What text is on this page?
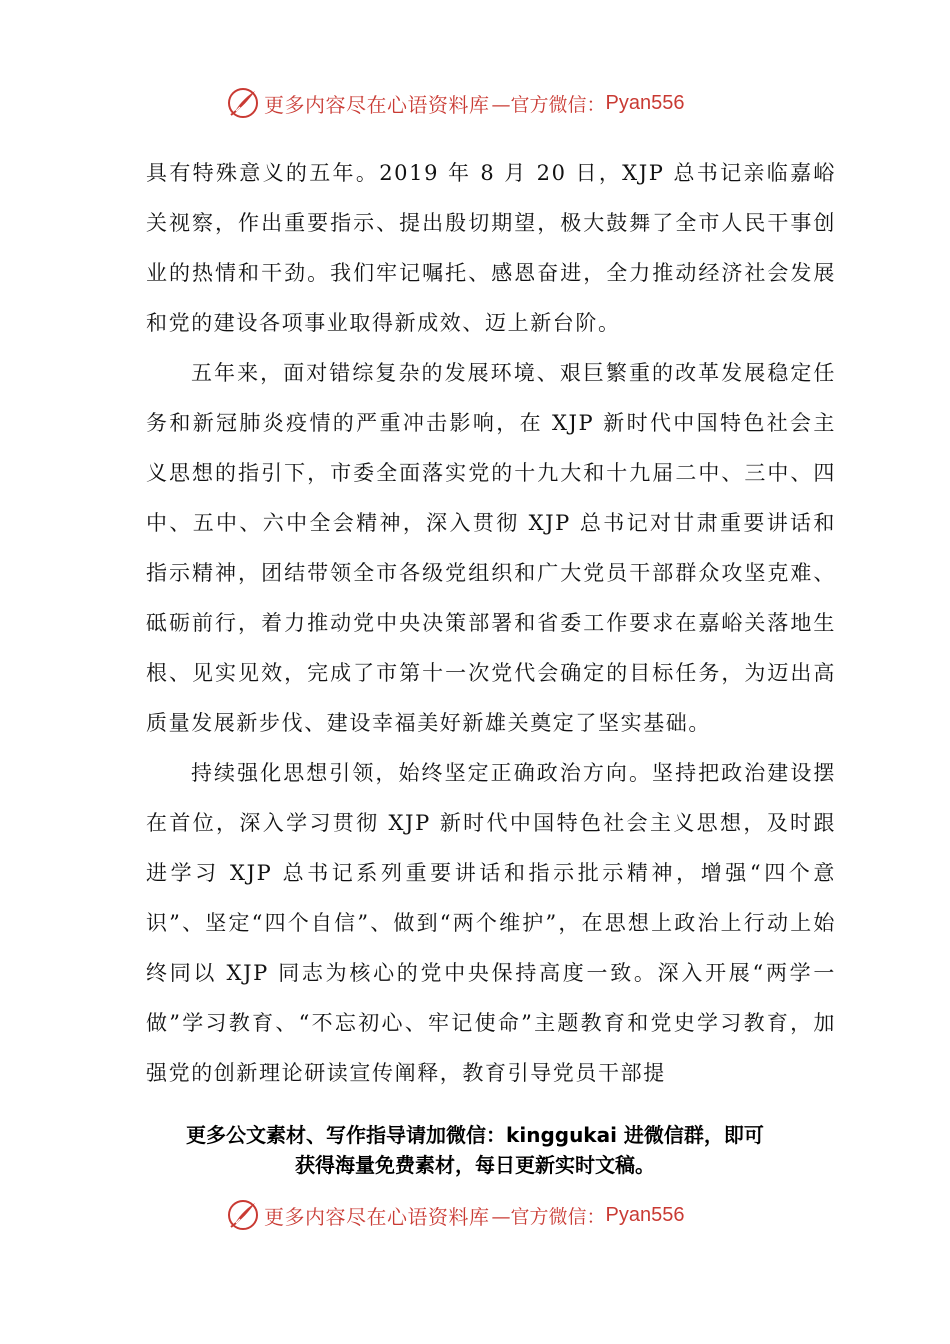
更多内容尽在心语资料库 —官方微信： Pyan556

具有特殊意义的五年。2019 年 8 月 20 日，XJP 总书记亲临嘉峪关视察，作出重要指示、提出殷切期望，极大鼓舞了全市人民干事创业的热情和干劲。我们牢记嘱托、感恩奋进，全力推动经济社会发展和党的建设各项事业取得新成效、迈上新台阶。

五年来，面对错综复杂的发展环境、艰巨繁重的改革发展稳定任务和新冠肺炎疫情的严重冲击影响，在 XJP 新时代中国特色社会主义思想的指引下，市委全面落实党的十九大和十九届二中、三中、四中、五中、六中全会精神，深入贯彻 XJP 总书记对甘肃重要讲话和指示精神，团结带领全市各级党组织和广大党员干部群众攻坚克难、砥砺前行，着力推动党中央决策部署和省委工作要求在嘉峪关落地生根、见实见效，完成了市第十一次党代会确定的目标任务，为迈出高质量发展新步伐、建设幸福美好新雄关奠定了坚实基础。

持续强化思想引领，始终坚定正确政治方向。坚持把政治建设摆在首位，深入学习贯彻 XJP 新时代中国特色社会主义思想，及时跟进学习 XJP 总书记系列重要讲话和指示批示精神，增强“四个意识”、坚定“四个自信”、做到“两个维护”，在思想上政治上行动上始终同以 XJP 同志为核心的党中央保持高度一致。深入开展“两学一做”学习教育、“不忘初心、牢记使命”主题教育和党史学习教育，加强党的创新理论研读宣传阐释，教育引导党员干部提

更多公文素材、写作指导请加微信：kinggukai 进微信群，即可
获得海量免费素材，每日更新实时文稿。
更多内容尽在心语资料库 —官方微信： Pyan556
